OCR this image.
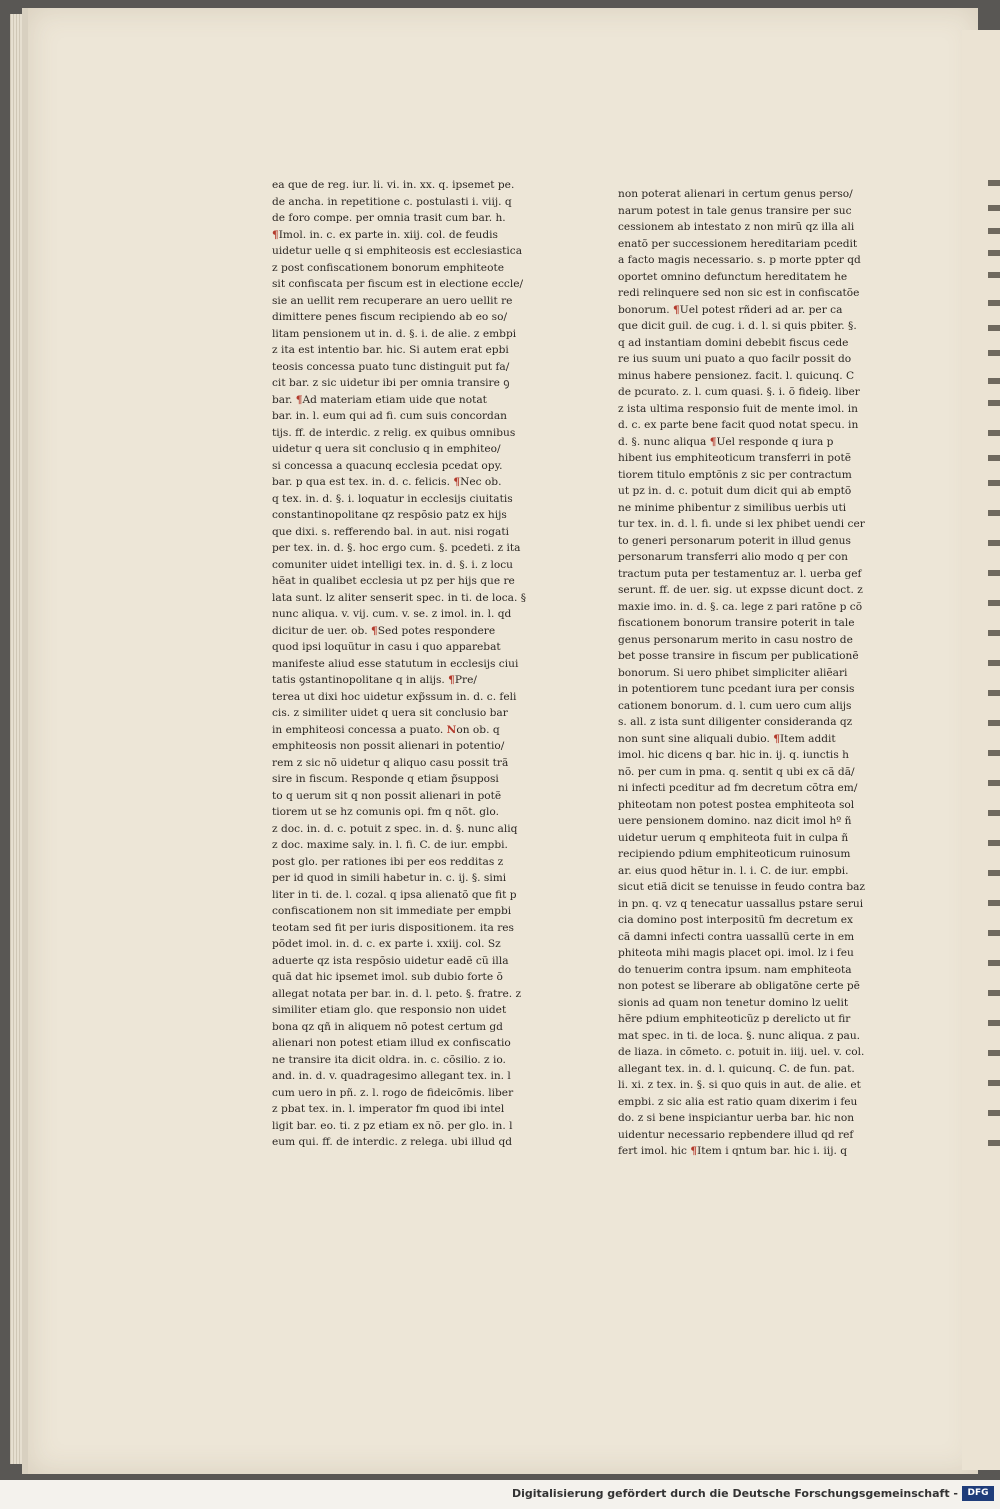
ea que de reg. iur. li. vi. in. xx. q. ipsemet pe.
de ancha. in repetitione c. postulasti i. viij. q
de foro compe. per omnia trasit cum bar. h.
¶Imol. in. c. ex parte in. xiij. col. de feudis
uidetur uelle q si emphiteosis est ecclesiastica
z post confiscationem bonorum emphiteote
sit confiscata per fiscum est in electione eccle/
sie an uellit rem recuperare an uero uellit re
dimittere penes fiscum recipiendo ab eo so/
litam pensionem ut in. d. §. i. de alie. z embpi
z ita est intentio bar. hic. Si autem erat epbi
teosis concessa puato tunc distinguit put fa/
cit bar. z sic uidetur ibi per omnia transire ꝯ
bar. ¶Ad materiam etiam uide que notat
bar. in. l. eum qui ad fi. cum suis concordan
tijs. ff. de interdic. z relig. ex quibus omnibus
uidetur q uera sit conclusio q in emphiteo/
si concessa a quacunq ecclesia pcedat opy.
bar. p qua est tex. in. d. c. felicis. ¶Nec ob.
q tex. in. d. §. i. loquatur in ecclesijs ciuitatis
constantinopolitane qz respõsio patz ex hijs
que dixi. s. refferendo bal. in aut. nisi rogati
per tex. in. d. §. hoc ergo cum. §. pcedeti. z ita
comuniter uidet intelligi tex. in. d. §. i. z locu
hẽat in qualibet ecclesia ut pz per hijs que re
lata sunt. lz aliter senserit spec. in ti. de loca. §
nunc aliqua. v. vij. cum. v. se. z imol. in. l. qd
dicitur de uer. ob. ¶Sed potes respondere
quod ipsi loquũtur in casu i quo apparebat
manifeste aliud esse statutum in ecclesijs ciui
tatis ꝯstantinopolitane q in alijs. ¶Pre/
terea ut dixi hoc uidetur exp̃ssum in. d. c. feli
cis. z similiter uidet q uera sit conclusio bar
in emphiteosi concessa a puato. Non ob. q
emphiteosis non possit alienari in potentio/
rem z sic nõ uidetur q aliquo casu possit trã
sire in fiscum. Responde q etiam p̃supposi
to q uerum sit q non possit alienari in potẽ
tiorem ut se hz comunis opi. fm q nõt. glo.
z doc. in. d. c. potuit z spec. in. d. §. nunc aliq
z doc. maxime saly. in. l. fi. C. de iur. empbi.
post glo. per rationes ibi per eos redditas z
per id quod in simili habetur in. c. ij. §. simi
liter in ti. de. l. cozal. q ipsa alienatõ que fit p
confiscationem non sit immediate per empbi
teotam sed fit per iuris dispositionem. ita res
põdet imol. in. d. c. ex parte i. xxiij. col. Sz
aduerte qz ista respõsio uidetur eadẽ cũ illa
quã dat hic ipsemet imol. sub dubio forte õ
allegat notata per bar. in. d. l. peto. §. fratre. z
similiter etiam glo. que responsio non uidet
bona qz qñ in aliquem nõ potest certum gd
alienari non potest etiam illud ex confiscatio
ne transire ita dicit oldra. in. c. cõsilio. z io.
and. in. d. v. quadragesimo allegant tex. in. l
cum uero in pñ. z. l. rogo de fideicõmis. liber
z pbat tex. in. l. imperator fm quod ibi intel
ligit bar. eo. ti. z pz etiam ex nõ. per glo. in. l
eum qui. ff. de interdic. z relega. ubi illud qd
non poterat alienari in certum genus perso/
narum potest in tale genus transire per suc
cessionem ab intestato z non mirũ qz illa ali
enatõ per successionem hereditariam pcedit
a facto magis necessario. s. p morte ppter qd
oportet omnino defunctum hereditatem he
redi relinquere sed non sic est in confiscatõe
bonorum. ¶Uel potest rñderi ad ar. per ca
que dicit guil. de cug. i. d. l. si quis pbiter. §.
q ad instantiam domini debebit fiscus cede
re ius suum uni puato a quo facilr possit do
minus habere pensionez. facit. l. quicunq. C
de pcurato. z. l. cum quasi. §. i. õ fideiꝯ. liber
z ista ultima responsio fuit de mente imol. in
d. c. ex parte bene facit quod notat specu. in
d. §. nunc aliqua ¶Uel responde q iura p
hibent ius emphiteoticum transferri in potẽ
tiorem titulo emptõnis z sic per contractum
ut pz in. d. c. potuit dum dicit qui ab emptõ
ne minime phibentur z similibus uerbis uti
tur tex. in. d. l. fi. unde si lex phibet uendi cer
to generi personarum poterit in illud genus
personarum transferri alio modo q per con
tractum puta per testamentuz ar. l. uerba gef
serunt. ff. de uer. sig. ut expsse dicunt doct. z
maxie imo. in. d. §. ca. lege z pari ratõne p cõ
fiscationem bonorum transire poterit in tale
genus personarum merito in casu nostro de
bet posse transire in fiscum per publicationẽ
bonorum. Si uero phibet simpliciter aliẽari
in potentiorem tunc pcedant iura per consis
cationem bonorum. d. l. cum uero cum alijs
s. all. z ista sunt diligenter consideranda qz
non sunt sine aliquali dubio. ¶Item addit
imol. hic dicens q bar. hic in. ij. q. iunctis h
nõ. per cum in pma. q. sentit q ubi ex cã dã/
ni infecti pceditur ad fm decretum cõtra em/
phiteotam non potest postea emphiteota sol
uere pensionem domino. naz dicit imol hº ñ
uidetur uerum q emphiteota fuit in culpa ñ
recipiendo pdium emphiteoticum ruinosum
ar. eius quod hẽtur in. l. i. C. de iur. empbi.
sicut etiã dicit se tenuisse in feudo contra baz
in pn. q. vz q tenecatur uassallus pstare serui
cia domino post interpositũ fm decretum ex
cã damni infecti contra uassallũ certe in em
phiteota mihi magis placet opi. imol. lz i feu
do tenuerim contra ipsum. nam emphiteota
non potest se liberare ab obligatõne certe pẽ
sionis ad quam non tenetur domino lz uelit
hẽre pdium emphiteoticũz p derelicto ut fir
mat spec. in ti. de loca. §. nunc aliqua. z pau.
de liaza. in cõmeto. c. potuit in. iiij. uel. v. col.
allegant tex. in. d. l. quicunq. C. de fun. pat.
li. xi. z tex. in. §. si quo quis in aut. de alie. et
empbi. z sic alia est ratio quam dixerim i feu
do. z si bene inspiciantur uerba bar. hic non
uidentur necessario repbendere illud qd ref
fert imol. hic ¶Item i qntum bar. hic i. iij. q
Digitalisierung gefördert durch die Deutsche Forschungsgemeinschaft -	DFG
